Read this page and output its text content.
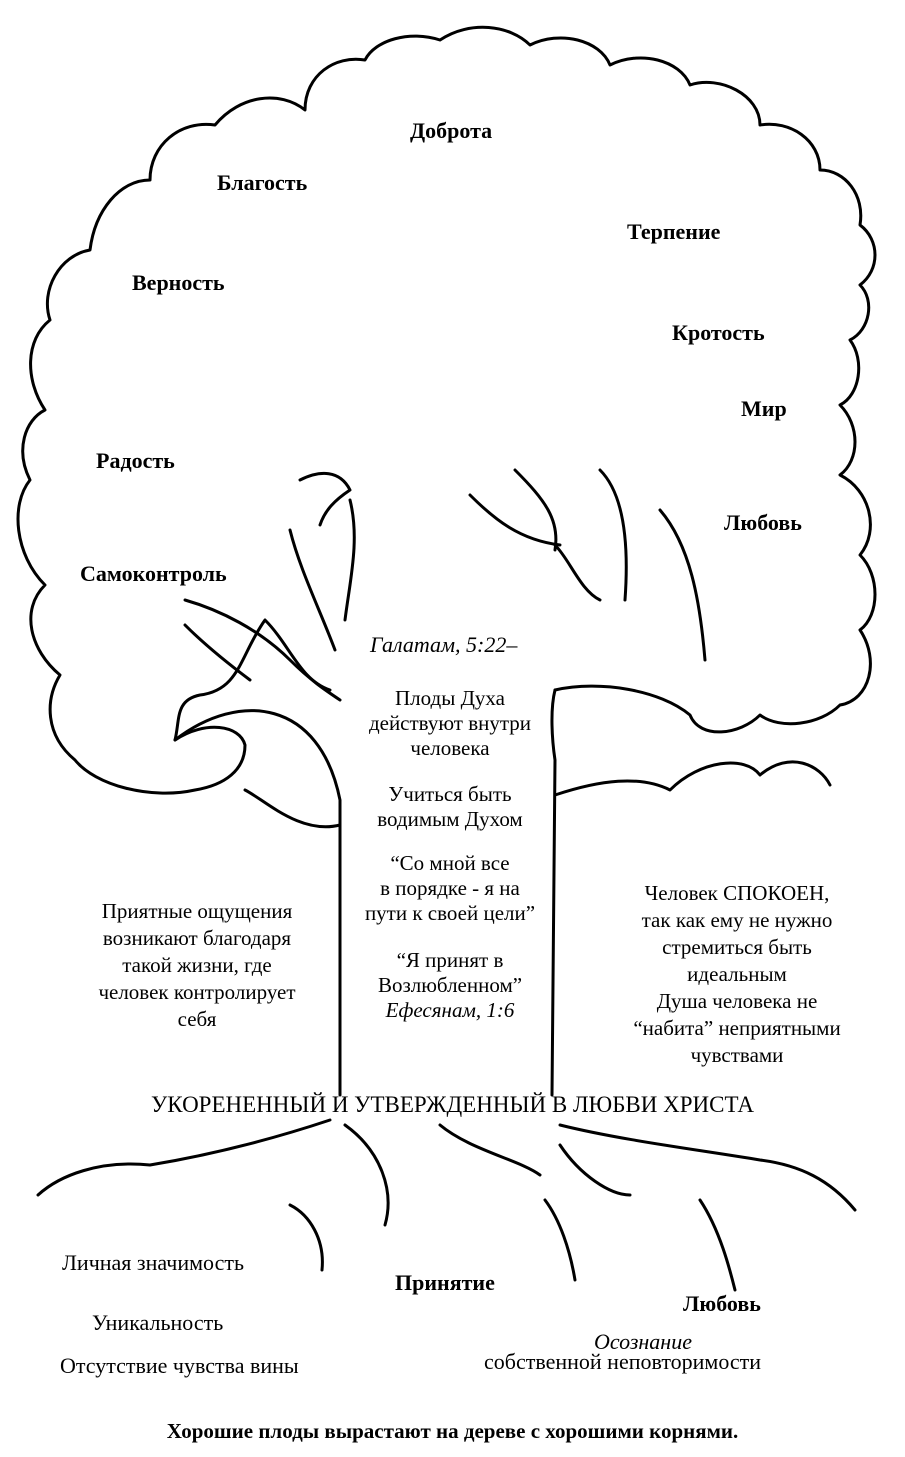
Доброта
Благость
Терпение
Верность
Кротость
Мир
Радость
Любовь
Самоконтроль
Галатам, 5:22–
Плоды Духа
действуют внутри
человека
Учиться быть
водимым Духом
“Со мной все
в порядке - я на
пути к своей цели”
“Я принят в
Возлюбленном”
Ефесянам, 1:6
Приятные ощущения
возникают благодаря
такой жизни, где
человек контролирует
себя
Человек СПОКОЕН,
так как ему не нужно
стремиться быть
идеальным
Душа человека не
“набита” неприятными
чувствами
УКОРЕНЕННЫЙ И УТВЕРЖДЕННЫЙ В ЛЮБВИ ХРИСТА
Личная значимость
Принятие
Любовь
Уникальность
Осознание
собственной неповторимости
Отсутствие чувства вины
Хорошие плоды вырастают на дереве с хорошими корнями.
